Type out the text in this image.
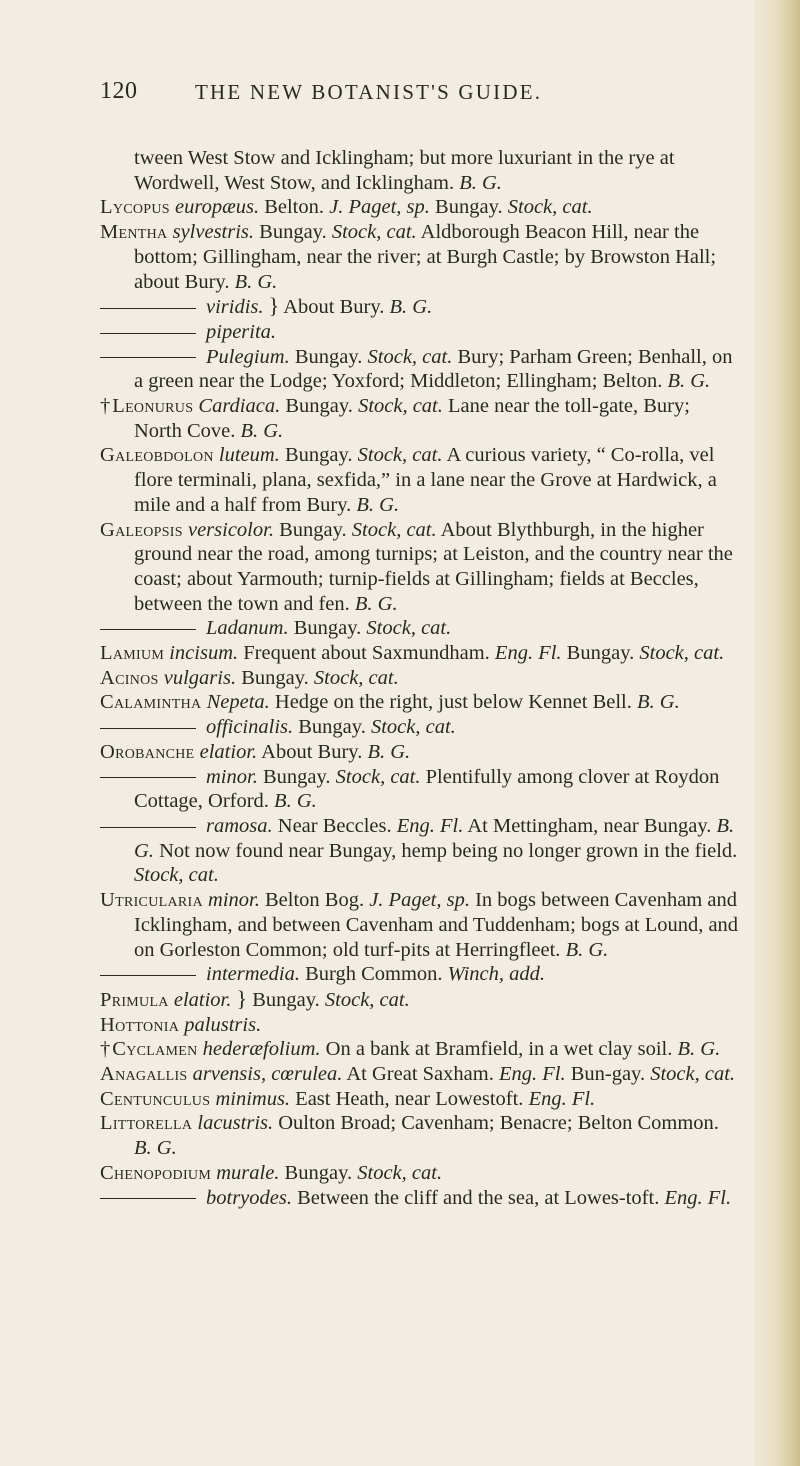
120	THE NEW BOTANIST'S GUIDE.

tween West Stow and Icklingham; but more luxuriant in the rye at Wordwell, West Stow, and Icklingham. B. G.

Lycopus europæus. Belton. J. Paget, sp. Bungay. Stock, cat.

Mentha sylvestris. Bungay. Stock, cat. Aldborough Beacon Hill, near the bottom; Gillingham, near the river; at Burgh Castle; by Browston Hall; about Bury. B. G.

viridis. } About Bury. B. G.

piperita.

Pulegium. Bungay. Stock, cat. Bury; Parham Green; Benhall, on a green near the Lodge; Yoxford; Middleton; Ellingham; Belton. B. G.

†Leonurus Cardiaca. Bungay. Stock, cat. Lane near the toll-gate, Bury; North Cove. B. G.

Galeobdolon luteum. Bungay. Stock, cat. A curious variety, “ Co-rolla, vel flore terminali, plana, sexfida,” in a lane near the Grove at Hardwick, a mile and a half from Bury. B. G.

Galeopsis versicolor. Bungay. Stock, cat. About Blythburgh, in the higher ground near the road, among turnips; at Leiston, and the country near the coast; about Yarmouth; turnip-fields at Gillingham; fields at Beccles, between the town and fen. B. G.

Ladanum. Bungay. Stock, cat.

Lamium incisum. Frequent about Saxmundham. Eng. Fl. Bungay. Stock, cat.

Acinos vulgaris. Bungay. Stock, cat.

Calamintha Nepeta. Hedge on the right, just below Kennet Bell. B. G.

officinalis. Bungay. Stock, cat.

Orobanche elatior. About Bury. B. G.

minor. Bungay. Stock, cat. Plentifully among clover at Roydon Cottage, Orford. B. G.

ramosa. Near Beccles. Eng. Fl. At Mettingham, near Bungay. B. G. Not now found near Bungay, hemp being no longer grown in the field. Stock, cat.

Utricularia minor. Belton Bog. J. Paget, sp. In bogs between Cavenham and Icklingham, and between Cavenham and Tuddenham; bogs at Lound, and on Gorleston Common; old turf-pits at Herringfleet. B. G.

intermedia. Burgh Common. Winch, add.

Primula elatior. } Bungay. Stock, cat.

Hottonia palustris.

†Cyclamen hederæfolium. On a bank at Bramfield, in a wet clay soil. B. G.

Anagallis arvensis, cœrulea. At Great Saxham. Eng. Fl. Bun-gay. Stock, cat.

Centunculus minimus. East Heath, near Lowestoft. Eng. Fl.

Littorella lacustris. Oulton Broad; Cavenham; Benacre; Belton Common. B. G.

Chenopodium murale. Bungay. Stock, cat.

botryodes. Between the cliff and the sea, at Lowes-toft. Eng. Fl.
